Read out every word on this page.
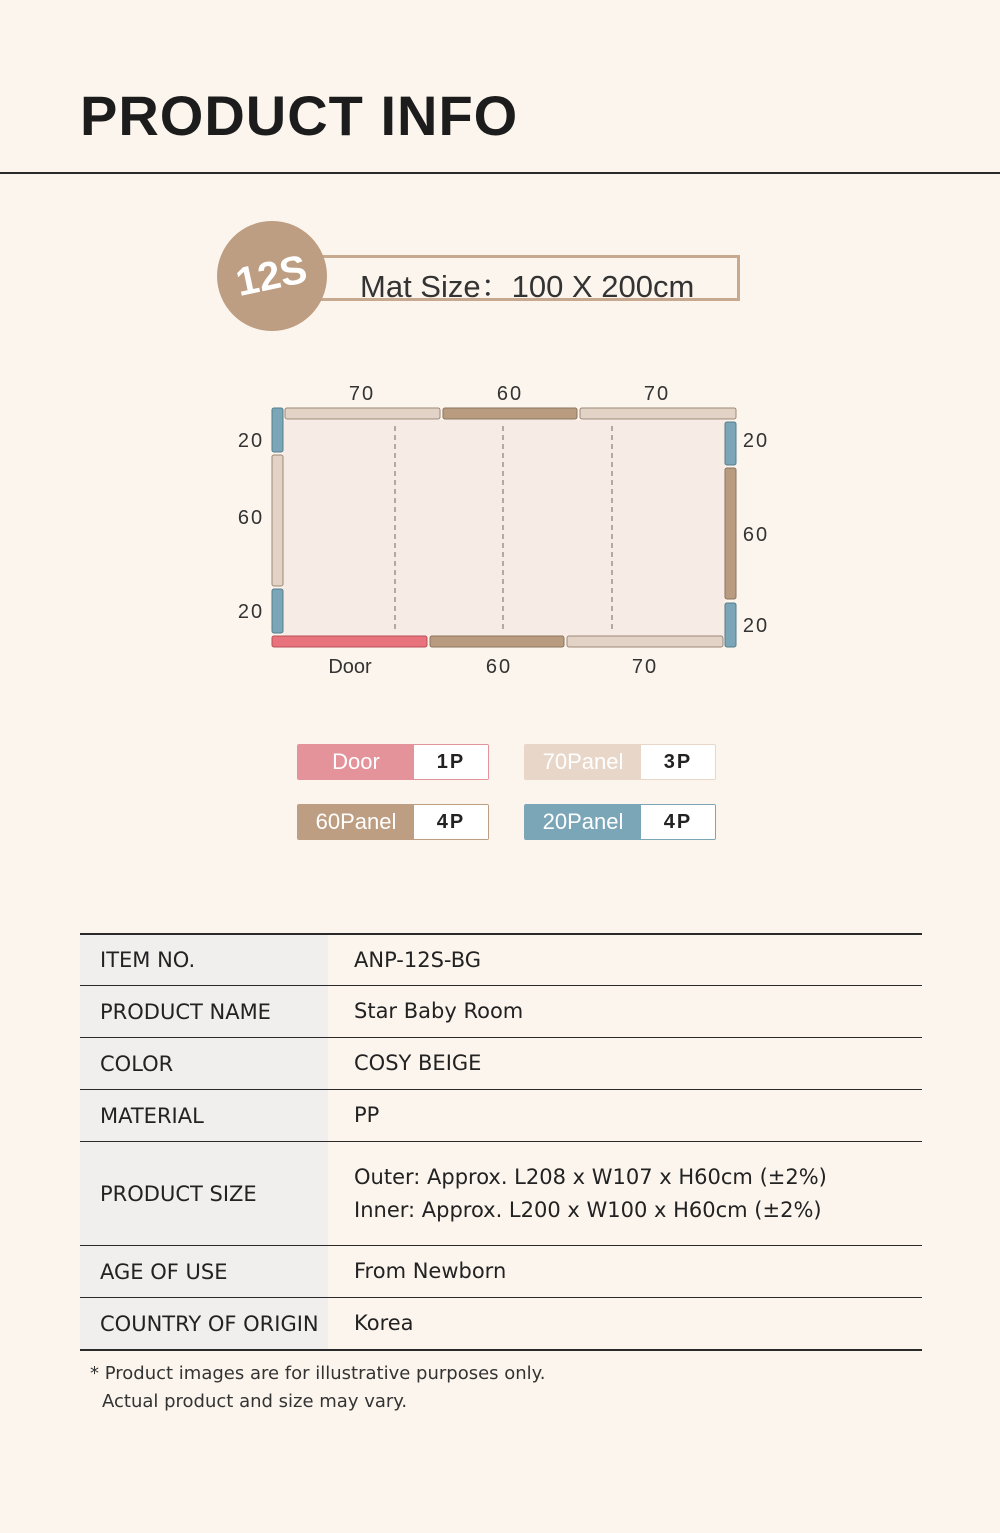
PRODUCT INFO
12S Mat Size：100 X 200cm
70	60	70
20
60
20
20
60
20
Door	60	70
Door	1P	70Panel	3P
60Panel	4P	20Panel	4P
ITEM NO.	ANP-12S-BG
PRODUCT NAME	Star Baby Room
COLOR	COSY BEIGE
MATERIAL	PP
PRODUCT SIZE
Outer: Approx. L208 x W107 x H60cm (±2%)
Inner: Approx. L200 x W100 x H60cm (±2%)
AGE OF USE	From Newborn
COUNTRY OF ORIGIN	Korea
* Product images are for illustrative purposes only.
Actual product and size may vary.
